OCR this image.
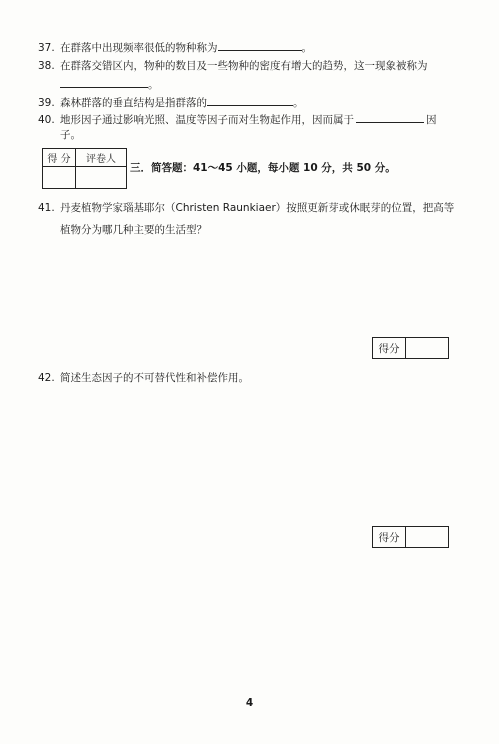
37. 在群落中出现频率很低的物种称为	。
38. 在群落交错区内，物种的数目及一些物种的密度有增大的趋势，这一现象被称为
。
39. 森林群落的垂直结构是指群落的	。
40. 地形因子通过影响光照、温度等因子而对生物起作用，因而属于	因
子。
得 分	评卷人

三．简答题：41～45 小题，每小题 10 分，共 50 分。
41. 丹麦植物学家瑙基耶尔（Christen Raunkiaer）按照更新芽或休眠芽的位置，把高等
植物分为哪几种主要的生活型？
得分	
42. 简述生态因子的不可替代性和补偿作用。
得分	
4
